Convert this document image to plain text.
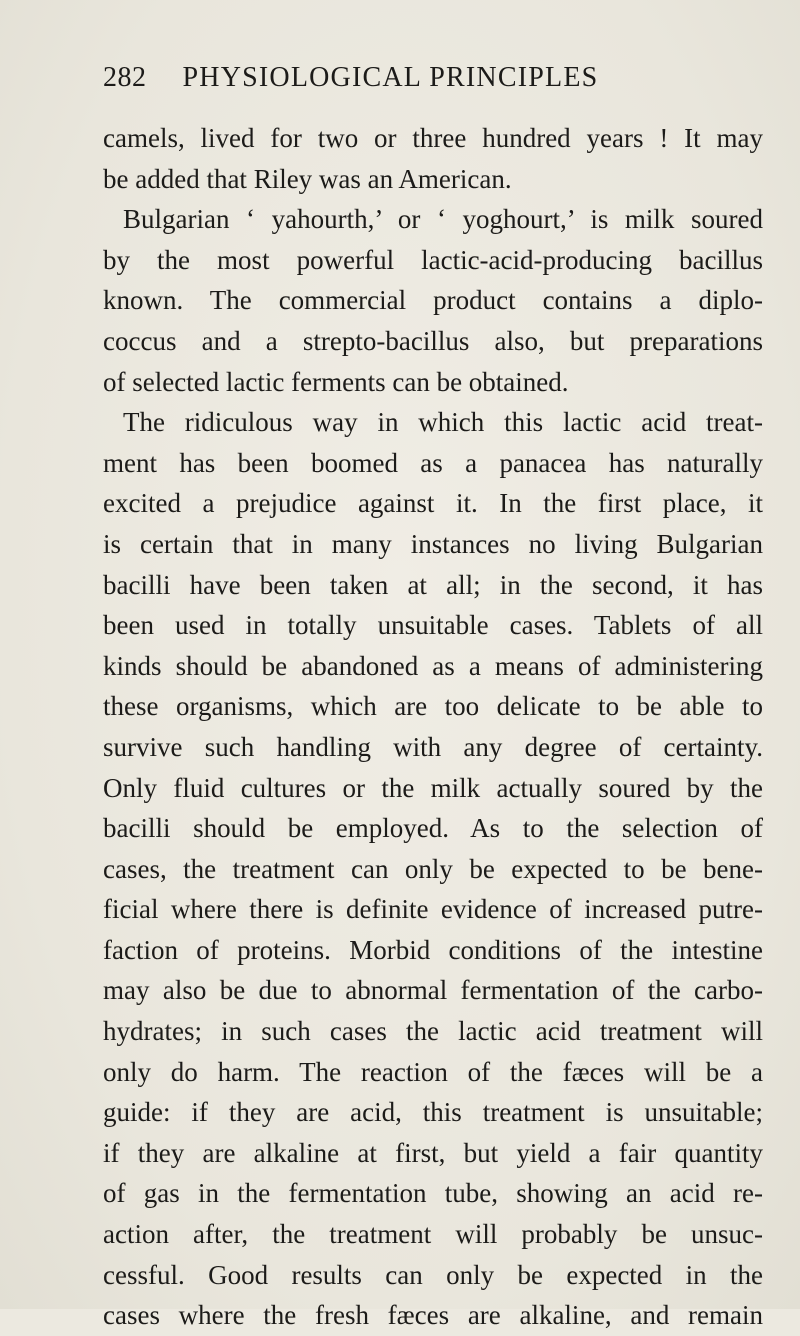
282 PHYSIOLOGICAL PRINCIPLES
camels, lived for two or three hundred years ! It may
be added that Riley was an American.
Bulgarian ‘ yahourth,’ or ‘ yoghourt,’ is milk soured
by the most powerful lactic-acid-producing bacillus
known. The commercial product contains a diplo-
coccus and a strepto-bacillus also, but preparations
of selected lactic ferments can be obtained.
The ridiculous way in which this lactic acid treat-
ment has been boomed as a panacea has naturally
excited a prejudice against it. In the first place, it
is certain that in many instances no living Bulgarian
bacilli have been taken at all; in the second, it has
been used in totally unsuitable cases. Tablets of all
kinds should be abandoned as a means of administering
these organisms, which are too delicate to be able to
survive such handling with any degree of certainty.
Only fluid cultures or the milk actually soured by the
bacilli should be employed. As to the selection of
cases, the treatment can only be expected to be bene-
ficial where there is definite evidence of increased putre-
faction of proteins. Morbid conditions of the intestine
may also be due to abnormal fermentation of the carbo-
hydrates; in such cases the lactic acid treatment will
only do harm. The reaction of the fæces will be a
guide: if they are acid, this treatment is unsuitable;
if they are alkaline at first, but yield a fair quantity
of gas in the fermentation tube, showing an acid re-
action after, the treatment will probably be unsuc-
cessful. Good results can only be expected in the
cases where the fresh fæces are alkaline, and remain
